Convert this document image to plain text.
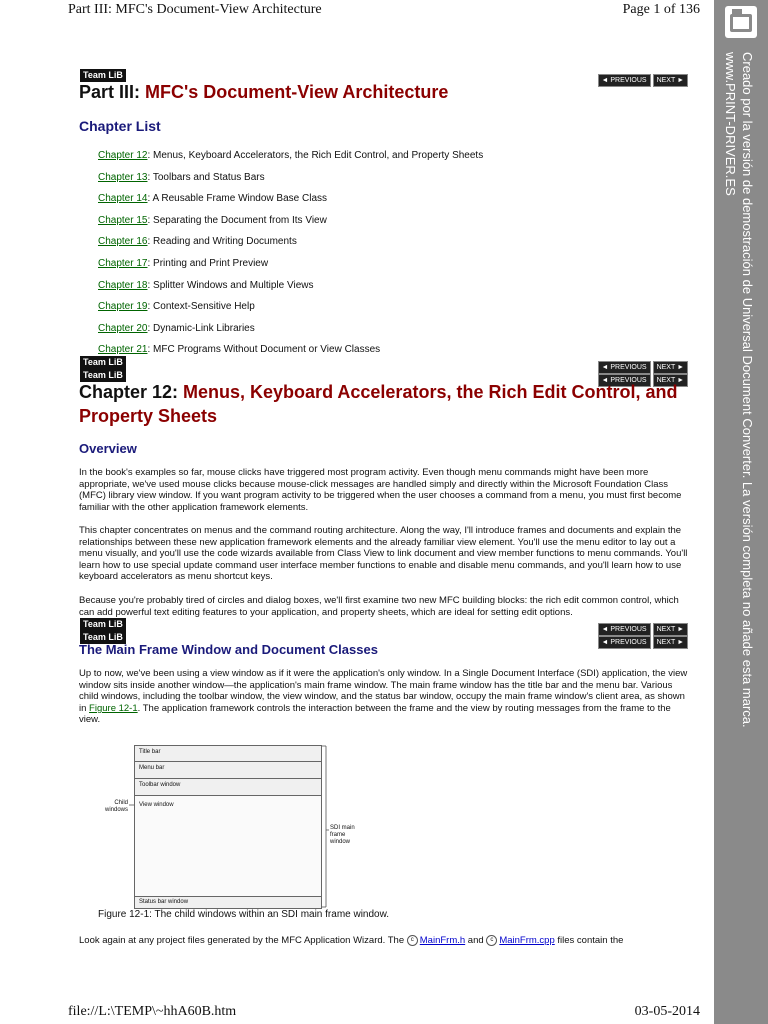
Part III: MFC's Document-View Architecture	Page 1 of 136
Creado por la versión de demostración de Universal Document Converter. La versión completa no añade esta marca.
www.PRINT-DRIVER.ES
Team LiB
◄ PREVIOUS NEXT ►
Part III: MFC's Document-View Architecture
Chapter List
Chapter 12: Menus, Keyboard Accelerators, the Rich Edit Control, and Property Sheets
Chapter 13: Toolbars and Status Bars
Chapter 14: A Reusable Frame Window Base Class
Chapter 15: Separating the Document from Its View
Chapter 16: Reading and Writing Documents
Chapter 17: Printing and Print Preview
Chapter 18: Splitter Windows and Multiple Views
Chapter 19: Context-Sensitive Help
Chapter 20: Dynamic-Link Libraries
Chapter 21: MFC Programs Without Document or View Classes
Team LiB
◄ PREVIOUS NEXT ►
Team LiB
◄ PREVIOUS NEXT ►
Chapter 12: Menus, Keyboard Accelerators, the Rich Edit Control, and Property Sheets
Overview
In the book's examples so far, mouse clicks have triggered most program activity. Even though menu commands might have been more appropriate, we've used mouse clicks because mouse-click messages are handled simply and directly within the Microsoft Foundation Class (MFC) library view window. If you want program activity to be triggered when the user chooses a command from a menu, you must first become familiar with the other application framework elements.
This chapter concentrates on menus and the command routing architecture. Along the way, I'll introduce frames and documents and explain the relationships between these new application framework elements and the already familiar view element. You'll use the menu editor to lay out a menu visually, and you'll use the code wizards available from Class View to link document and view member functions to menu commands. You'll learn how to use special update command user interface member functions to enable and disable menu commands, and you'll learn how to use keyboard accelerators as menu shortcut keys.
Because you're probably tired of circles and dialog boxes, we'll first examine two new MFC building blocks: the rich edit common control, which can add powerful text editing features to your application, and property sheets, which are ideal for setting edit options.
Team LiB
◄ PREVIOUS NEXT ►
Team LiB
◄ PREVIOUS NEXT ►
The Main Frame Window and Document Classes
Up to now, we've been using a view window as if it were the application's only window. In a Single Document Interface (SDI) application, the view window sits inside another window—the application's main frame window. The main frame window has the title bar and the menu bar. Various child windows, including the toolbar window, the view window, and the status bar window, occupy the main frame window's client area, as shown in Figure 12-1. The application framework controls the interaction between the frame and the view by routing messages from the frame to the view.
Title bar
Menu bar
Toolbar window
View window
Status bar window
Child windows
SDI main frame window
Figure 12-1: The child windows within an SDI main frame window.
Look again at any project files generated by the MFC Application Wizard. The c MainFrm.h and c MainFrm.cpp files contain the
file://L:\TEMP\~hhA60B.htm	03-05-2014
